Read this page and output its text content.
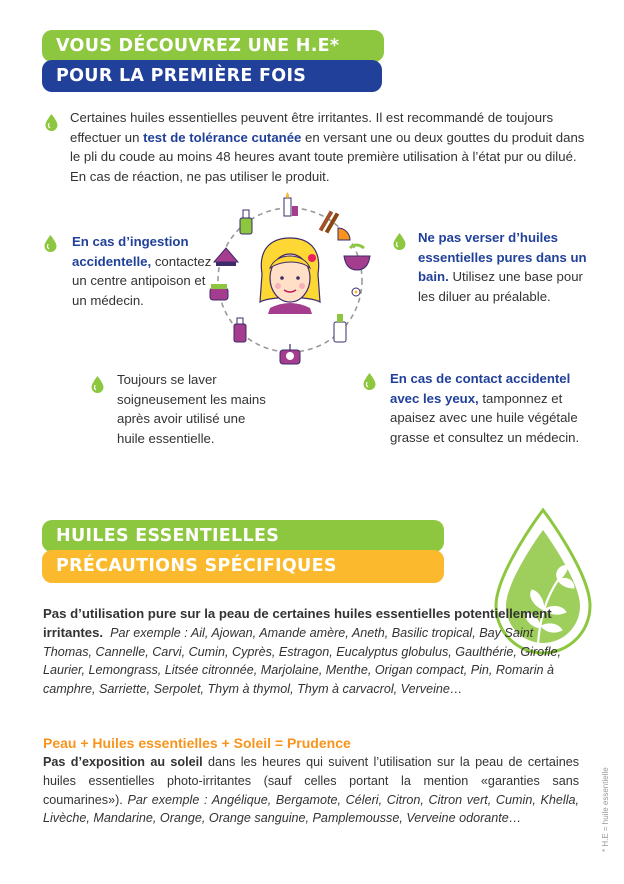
VOUS DÉCOUVREZ UNE H.E*
POUR LA PREMIÈRE FOIS

Certaines huiles essentielles peuvent être irritantes. Il est recommandé de toujours effectuer un test de tolérance cutanée en versant une ou deux gouttes du produit dans le pli du coude au moins 48 heures avant toute première utilisation à l’état pur ou dilué. En cas de réaction, ne pas utiliser le produit.

En cas d’ingestion accidentelle, contactez un centre antipoison et un médecin.

Ne pas verser d’huiles essentielles pures dans un bain. Utilisez une base pour les diluer au préalable.

Toujours se laver soigneusement les mains après avoir utilisé une huile essentielle.

En cas de contact accidentel avec les yeux, tamponnez et apaisez avec une huile végétale grasse et consultez un médecin.

HUILES ESSENTIELLES
PRÉCAUTIONS SPÉCIFIQUES

Pas d’utilisation pure sur la peau de certaines huiles essentielles potentiellement irritantes. Par exemple : Ail, Ajowan, Amande amère, Aneth, Basilic tropical, Bay Saint Thomas, Cannelle, Carvi, Cumin, Cyprès, Estragon, Eucalyptus globulus, Gaulthérie, Girofle, Laurier, Lemongrass, Litsée citronnée, Marjolaine, Menthe, Origan compact, Pin, Romarin à camphre, Sarriette, Serpolet, Thym à thymol, Thym à carvacrol, Verveine…

Peau + Huiles essentielles + Soleil = Prudence

Pas d’exposition au soleil dans les heures qui suivent l’utilisation sur la peau de certaines huiles essentielles photo-irritantes (sauf celles portant la mention «garanties sans coumarines»). Par exemple : Angélique, Bergamote, Céleri, Citron, Citron vert, Cumin, Khella, Livèche, Mandarine, Orange, Orange sanguine, Pamplemousse, Verveine odorante…	* H.E = huile essentielle
